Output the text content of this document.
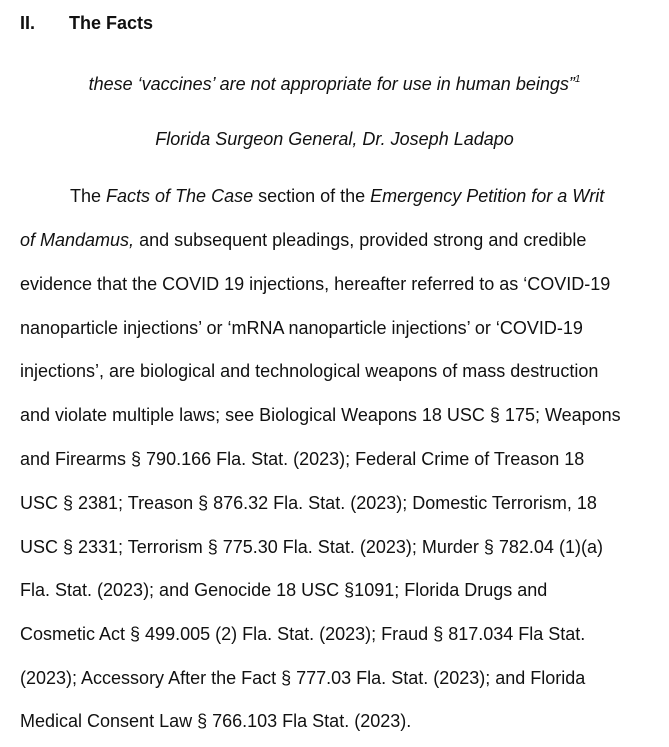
II. The Facts
these ‘vaccines’ are not appropriate for use in human beings”$^1$
Florida Surgeon General, Dr. Joseph Ladapo
The Facts of The Case section of the Emergency Petition for a Writ
of Mandamus, and subsequent pleadings, provided strong and credible
evidence that the COVID 19 injections, hereafter referred to as ‘COVID-19
nanoparticle injections’ or ‘mRNA nanoparticle injections’ or ‘COVID-19
injections’, are biological and technological weapons of mass destruction
and violate multiple laws; see Biological Weapons 18 USC § 175; Weapons
and Firearms § 790.166 Fla. Stat. (2023); Federal Crime of Treason 18
USC § 2381; Treason § 876.32 Fla. Stat. (2023); Domestic Terrorism, 18
USC § 2331; Terrorism § 775.30 Fla. Stat. (2023); Murder § 782.04 (1)(a)
Fla. Stat. (2023); and Genocide 18 USC §1091; Florida Drugs and
Cosmetic Act § 499.005 (2) Fla. Stat. (2023); Fraud § 817.034 Fla Stat.
(2023); Accessory After the Fact § 777.03 Fla. Stat. (2023); and Florida
Medical Consent Law § 766.103 Fla Stat. (2023).
